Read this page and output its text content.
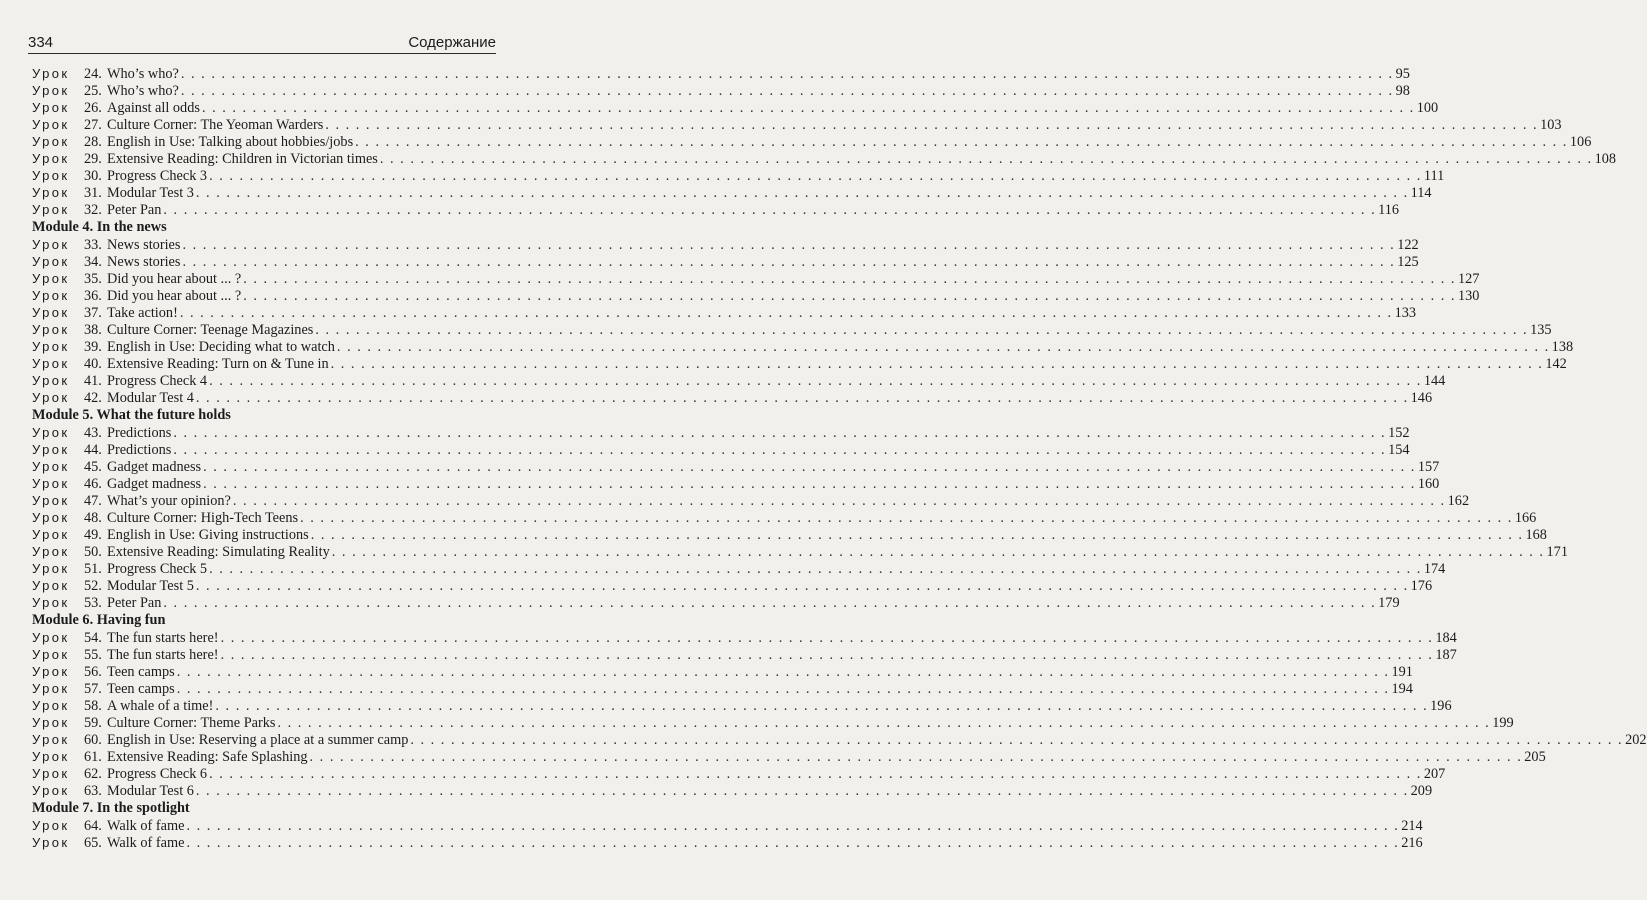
334	Содержание
Урок	24. Who’s who? . . . . . . . . . . . . . . . . . . . . . . . . . . . . . . . . . . . . . . . . . . . . . . . . . . . . . . . . . . . . . . . . . . . . . . . . . . . . . . . . . . . . . . . . . . . . . . . . . . . . . . . . . . . . . . . . . . . . . . . . 95
Урок	25. Who’s who? . . . . . . . . . . . . . . . . . . . . . . . . . . . . . . . . . . . . . . . . . . . . . . . . . . . . . . . . . . . . . . . . . . . . . . . . . . . . . . . . . . . . . . . . . . . . . . . . . . . . . . . . . . . . . . . . . . . . . . . . 98
Урок	26. Against all odds . . . . . . . . . . . . . . . . . . . . . . . . . . . . . . . . . . . . . . . . . . . . . . . . . . . . . . . . . . . . . . . . . . . . . . . . . . . . . . . . . . . . . . . . . . . . . . . . . . . . . . . . . . . . . . . . . . . . . . . . 100
Урок	27. Culture Corner: The Yeoman Warders . . . . . . . . . . . . . . . . . . . . . . . . . . . . . . . . . . . . . . . . . . . . . . . . . . . . . . . . . . . . . . . . . . . . . . . . . . . . . . . . . . . . . . . . . . . . . . . . . . . . . . . . . . . . . . . . . . . . . . . . 103
Урок	28. English in Use: Talking about hobbies/jobs . . . . . . . . . . . . . . . . . . . . . . . . . . . . . . . . . . . . . . . . . . . . . . . . . . . . . . . . . . . . . . . . . . . . . . . . . . . . . . . . . . . . . . . . . . . . . . . . . . . . . . . . . . . . . . . . . . . . . . . . 106
Урок	29. Extensive Reading: Children in Victorian times . . . . . . . . . . . . . . . . . . . . . . . . . . . . . . . . . . . . . . . . . . . . . . . . . . . . . . . . . . . . . . . . . . . . . . . . . . . . . . . . . . . . . . . . . . . . . . . . . . . . . . . . . . . . . . . . . . . . . . . . 108
Урок	30. Progress Check 3 . . . . . . . . . . . . . . . . . . . . . . . . . . . . . . . . . . . . . . . . . . . . . . . . . . . . . . . . . . . . . . . . . . . . . . . . . . . . . . . . . . . . . . . . . . . . . . . . . . . . . . . . . . . . . . . . . . . . . . . . 111
Урок	31. Modular Test 3 . . . . . . . . . . . . . . . . . . . . . . . . . . . . . . . . . . . . . . . . . . . . . . . . . . . . . . . . . . . . . . . . . . . . . . . . . . . . . . . . . . . . . . . . . . . . . . . . . . . . . . . . . . . . . . . . . . . . . . . . 114
Урок	32. Peter Pan . . . . . . . . . . . . . . . . . . . . . . . . . . . . . . . . . . . . . . . . . . . . . . . . . . . . . . . . . . . . . . . . . . . . . . . . . . . . . . . . . . . . . . . . . . . . . . . . . . . . . . . . . . . . . . . . . . . . . . . . 116
Module 4. In the news
Урок	33. News stories . . . . . . . . . . . . . . . . . . . . . . . . . . . . . . . . . . . . . . . . . . . . . . . . . . . . . . . . . . . . . . . . . . . . . . . . . . . . . . . . . . . . . . . . . . . . . . . . . . . . . . . . . . . . . . . . . . . . . . . . 122
Урок	34. News stories . . . . . . . . . . . . . . . . . . . . . . . . . . . . . . . . . . . . . . . . . . . . . . . . . . . . . . . . . . . . . . . . . . . . . . . . . . . . . . . . . . . . . . . . . . . . . . . . . . . . . . . . . . . . . . . . . . . . . . . . 125
Урок	35. Did you hear about ... ? . . . . . . . . . . . . . . . . . . . . . . . . . . . . . . . . . . . . . . . . . . . . . . . . . . . . . . . . . . . . . . . . . . . . . . . . . . . . . . . . . . . . . . . . . . . . . . . . . . . . . . . . . . . . . . . . . . . . . . . . 127
Урок	36. Did you hear about ... ? . . . . . . . . . . . . . . . . . . . . . . . . . . . . . . . . . . . . . . . . . . . . . . . . . . . . . . . . . . . . . . . . . . . . . . . . . . . . . . . . . . . . . . . . . . . . . . . . . . . . . . . . . . . . . . . . . . . . . . . . 130
Урок	37. Take action! . . . . . . . . . . . . . . . . . . . . . . . . . . . . . . . . . . . . . . . . . . . . . . . . . . . . . . . . . . . . . . . . . . . . . . . . . . . . . . . . . . . . . . . . . . . . . . . . . . . . . . . . . . . . . . . . . . . . . . . . 133
Урок	38. Culture Corner: Teenage Magazines . . . . . . . . . . . . . . . . . . . . . . . . . . . . . . . . . . . . . . . . . . . . . . . . . . . . . . . . . . . . . . . . . . . . . . . . . . . . . . . . . . . . . . . . . . . . . . . . . . . . . . . . . . . . . . . . . . . . . . . . 135
Урок	39. English in Use: Deciding what to watch . . . . . . . . . . . . . . . . . . . . . . . . . . . . . . . . . . . . . . . . . . . . . . . . . . . . . . . . . . . . . . . . . . . . . . . . . . . . . . . . . . . . . . . . . . . . . . . . . . . . . . . . . . . . . . . . . . . . . . . . 138
Урок	40. Extensive Reading: Turn on & Tune in . . . . . . . . . . . . . . . . . . . . . . . . . . . . . . . . . . . . . . . . . . . . . . . . . . . . . . . . . . . . . . . . . . . . . . . . . . . . . . . . . . . . . . . . . . . . . . . . . . . . . . . . . . . . . . . . . . . . . . . . 142
Урок	41. Progress Check 4 . . . . . . . . . . . . . . . . . . . . . . . . . . . . . . . . . . . . . . . . . . . . . . . . . . . . . . . . . . . . . . . . . . . . . . . . . . . . . . . . . . . . . . . . . . . . . . . . . . . . . . . . . . . . . . . . . . . . . . . . 144
Урок	42. Modular Test 4 . . . . . . . . . . . . . . . . . . . . . . . . . . . . . . . . . . . . . . . . . . . . . . . . . . . . . . . . . . . . . . . . . . . . . . . . . . . . . . . . . . . . . . . . . . . . . . . . . . . . . . . . . . . . . . . . . . . . . . . . 146
Module 5. What the future holds
Урок	43. Predictions . . . . . . . . . . . . . . . . . . . . . . . . . . . . . . . . . . . . . . . . . . . . . . . . . . . . . . . . . . . . . . . . . . . . . . . . . . . . . . . . . . . . . . . . . . . . . . . . . . . . . . . . . . . . . . . . . . . . . . . . 152
Урок	44. Predictions . . . . . . . . . . . . . . . . . . . . . . . . . . . . . . . . . . . . . . . . . . . . . . . . . . . . . . . . . . . . . . . . . . . . . . . . . . . . . . . . . . . . . . . . . . . . . . . . . . . . . . . . . . . . . . . . . . . . . . . . 154
Урок	45. Gadget madness . . . . . . . . . . . . . . . . . . . . . . . . . . . . . . . . . . . . . . . . . . . . . . . . . . . . . . . . . . . . . . . . . . . . . . . . . . . . . . . . . . . . . . . . . . . . . . . . . . . . . . . . . . . . . . . . . . . . . . . . 157
Урок	46. Gadget madness . . . . . . . . . . . . . . . . . . . . . . . . . . . . . . . . . . . . . . . . . . . . . . . . . . . . . . . . . . . . . . . . . . . . . . . . . . . . . . . . . . . . . . . . . . . . . . . . . . . . . . . . . . . . . . . . . . . . . . . . 160
Урок	47. What’s your opinion? . . . . . . . . . . . . . . . . . . . . . . . . . . . . . . . . . . . . . . . . . . . . . . . . . . . . . . . . . . . . . . . . . . . . . . . . . . . . . . . . . . . . . . . . . . . . . . . . . . . . . . . . . . . . . . . . . . . . . . . . 162
Урок	48. Culture Corner: High-Tech Teens . . . . . . . . . . . . . . . . . . . . . . . . . . . . . . . . . . . . . . . . . . . . . . . . . . . . . . . . . . . . . . . . . . . . . . . . . . . . . . . . . . . . . . . . . . . . . . . . . . . . . . . . . . . . . . . . . . . . . . . . 166
Урок	49. English in Use: Giving instructions . . . . . . . . . . . . . . . . . . . . . . . . . . . . . . . . . . . . . . . . . . . . . . . . . . . . . . . . . . . . . . . . . . . . . . . . . . . . . . . . . . . . . . . . . . . . . . . . . . . . . . . . . . . . . . . . . . . . . . . . 168
Урок	50. Extensive Reading: Simulating Reality . . . . . . . . . . . . . . . . . . . . . . . . . . . . . . . . . . . . . . . . . . . . . . . . . . . . . . . . . . . . . . . . . . . . . . . . . . . . . . . . . . . . . . . . . . . . . . . . . . . . . . . . . . . . . . . . . . . . . . . . 171
Урок	51. Progress Check 5 . . . . . . . . . . . . . . . . . . . . . . . . . . . . . . . . . . . . . . . . . . . . . . . . . . . . . . . . . . . . . . . . . . . . . . . . . . . . . . . . . . . . . . . . . . . . . . . . . . . . . . . . . . . . . . . . . . . . . . . . 174
Урок	52. Modular Test 5 . . . . . . . . . . . . . . . . . . . . . . . . . . . . . . . . . . . . . . . . . . . . . . . . . . . . . . . . . . . . . . . . . . . . . . . . . . . . . . . . . . . . . . . . . . . . . . . . . . . . . . . . . . . . . . . . . . . . . . . . 176
Урок	53. Peter Pan . . . . . . . . . . . . . . . . . . . . . . . . . . . . . . . . . . . . . . . . . . . . . . . . . . . . . . . . . . . . . . . . . . . . . . . . . . . . . . . . . . . . . . . . . . . . . . . . . . . . . . . . . . . . . . . . . . . . . . . . 179
Module 6. Having fun
Урок	54. The fun starts here! . . . . . . . . . . . . . . . . . . . . . . . . . . . . . . . . . . . . . . . . . . . . . . . . . . . . . . . . . . . . . . . . . . . . . . . . . . . . . . . . . . . . . . . . . . . . . . . . . . . . . . . . . . . . . . . . . . . . . . . . 184
Урок	55. The fun starts here! . . . . . . . . . . . . . . . . . . . . . . . . . . . . . . . . . . . . . . . . . . . . . . . . . . . . . . . . . . . . . . . . . . . . . . . . . . . . . . . . . . . . . . . . . . . . . . . . . . . . . . . . . . . . . . . . . . . . . . . . 187
Урок	56. Teen camps . . . . . . . . . . . . . . . . . . . . . . . . . . . . . . . . . . . . . . . . . . . . . . . . . . . . . . . . . . . . . . . . . . . . . . . . . . . . . . . . . . . . . . . . . . . . . . . . . . . . . . . . . . . . . . . . . . . . . . . . 191
Урок	57. Teen camps . . . . . . . . . . . . . . . . . . . . . . . . . . . . . . . . . . . . . . . . . . . . . . . . . . . . . . . . . . . . . . . . . . . . . . . . . . . . . . . . . . . . . . . . . . . . . . . . . . . . . . . . . . . . . . . . . . . . . . . . 194
Урок	58. A whale of a time! . . . . . . . . . . . . . . . . . . . . . . . . . . . . . . . . . . . . . . . . . . . . . . . . . . . . . . . . . . . . . . . . . . . . . . . . . . . . . . . . . . . . . . . . . . . . . . . . . . . . . . . . . . . . . . . . . . . . . . . . 196
Урок	59. Culture Corner: Theme Parks . . . . . . . . . . . . . . . . . . . . . . . . . . . . . . . . . . . . . . . . . . . . . . . . . . . . . . . . . . . . . . . . . . . . . . . . . . . . . . . . . . . . . . . . . . . . . . . . . . . . . . . . . . . . . . . . . . . . . . . . 199
Урок	60. English in Use: Reserving a place at a summer camp . . . . . . . . . . . . . . . . . . . . . . . . . . . . . . . . . . . . . . . . . . . . . . . . . . . . . . . . . . . . . . . . . . . . . . . . . . . . . . . . . . . . . . . . . . . . . . . . . . . . . . . . . . . . . . . . . . . . . . . . 202
Урок	61. Extensive Reading: Safe Splashing . . . . . . . . . . . . . . . . . . . . . . . . . . . . . . . . . . . . . . . . . . . . . . . . . . . . . . . . . . . . . . . . . . . . . . . . . . . . . . . . . . . . . . . . . . . . . . . . . . . . . . . . . . . . . . . . . . . . . . . . 205
Урок	62. Progress Check 6 . . . . . . . . . . . . . . . . . . . . . . . . . . . . . . . . . . . . . . . . . . . . . . . . . . . . . . . . . . . . . . . . . . . . . . . . . . . . . . . . . . . . . . . . . . . . . . . . . . . . . . . . . . . . . . . . . . . . . . . . 207
Урок	63. Modular Test 6 . . . . . . . . . . . . . . . . . . . . . . . . . . . . . . . . . . . . . . . . . . . . . . . . . . . . . . . . . . . . . . . . . . . . . . . . . . . . . . . . . . . . . . . . . . . . . . . . . . . . . . . . . . . . . . . . . . . . . . . . 209
Module 7. In the spotlight
Урок	64. Walk of fame . . . . . . . . . . . . . . . . . . . . . . . . . . . . . . . . . . . . . . . . . . . . . . . . . . . . . . . . . . . . . . . . . . . . . . . . . . . . . . . . . . . . . . . . . . . . . . . . . . . . . . . . . . . . . . . . . . . . . . . . 214
Урок	65. Walk of fame . . . . . . . . . . . . . . . . . . . . . . . . . . . . . . . . . . . . . . . . . . . . . . . . . . . . . . . . . . . . . . . . . . . . . . . . . . . . . . . . . . . . . . . . . . . . . . . . . . . . . . . . . . . . . . . . . . . . . . . . 216
